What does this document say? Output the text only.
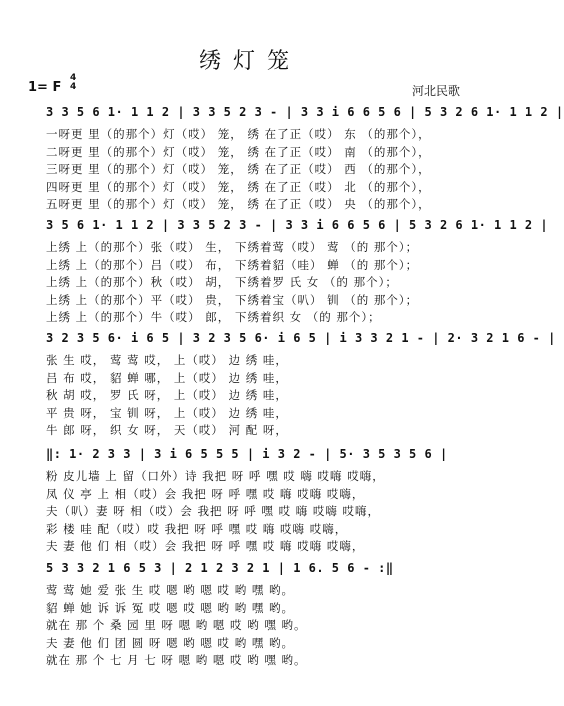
绣灯笼
1= F
4
4	河北民歌
3 3 5 6 1· 1 1 2 | 3 3 5 2 3 - | 3 3 i 6 6 5 6 | 5 3 2 6 1· 1 1 2 |
一呀更 里（的那个）灯（哎） 笼， 绣 在了正（哎） 东 （的那个），
二呀更 里（的那个）灯（哎） 笼， 绣 在了正（哎） 南 （的那个），
三呀更 里（的那个）灯（哎） 笼， 绣 在了正（哎） 西 （的那个），
四呀更 里（的那个）灯（哎） 笼， 绣 在了正（哎） 北 （的那个），
五呀更 里（的那个）灯（哎） 笼， 绣 在了正（哎） 央 （的那个），
3 5 6 1· 1 1 2 | 3 3 5 2 3 - | 3 3 i 6 6 5 6 | 5 3 2 6 1· 1 1 2 |
上绣 上（的那个）张（哎） 生， 下绣着莺（哎） 莺 （的 那个）；
上绣 上（的那个）吕（哎） 布， 下绣着貂（哇） 蝉 （的 那个）；
上绣 上（的那个）秋（哎） 胡， 下绣着罗 氏 女 （的 那个）；
上绣 上（的那个）平（哎） 贵， 下绣着宝（叭） 钏 （的 那个）；
上绣 上（的那个）牛（哎） 郎， 下绣着织 女 （的 那个）；
3 2 3 5 6· i 6 5 | 3 2 3 5 6· i 6 5 | i 3 3 2 1 - | 2· 3 2 1 6 - |
张 生 哎， 莺 莺 哎， 上（哎） 边 绣 哇，
吕 布 哎， 貂 蝉 哪， 上（哎） 边 绣 哇，
秋 胡 哎， 罗 氏 呀， 上（哎） 边 绣 哇，
平 贵 呀， 宝 钏 呀， 上（哎） 边 绣 哇，
牛 郎 呀， 织 女 呀， 天（哎） 河 配 呀，
‖: 1· 2 3 3 | 3 i 6 5 5 5 | i 3 2 - | 5· 3 5 3 5 6 |
粉 皮儿墙 上 留（口外）诗 我把 呀 呼 嘿 哎 嗨 哎嗨 哎嗨，
凤 仪 亭 上 相（哎）会 我把 呀 呼 嘿 哎 嗨 哎嗨 哎嗨，
夫（叭）妻 呀 相（哎）会 我把 呀 呼 嘿 哎 嗨 哎嗨 哎嗨，
彩 楼 哇 配（哎）哎 我把 呀 呼 嘿 哎 嗨 哎嗨 哎嗨，
夫 妻 他 们 相（哎）会 我把 呀 呼 嘿 哎 嗨 哎嗨 哎嗨，
5 3 3 2 1 6 5 3 | 2 1 2 3 2 1 | 1 6. 5 6 - :‖
莺 莺 她 爱 张 生 哎 嗯 哟 嗯 哎 哟 嘿 哟。
貂 蝉 她 诉 诉 冤 哎 嗯 哎 嗯 哟 哟 嘿 哟。
就在 那 个 桑 园 里 呀 嗯 哟 嗯 哎 哟 嘿 哟。
夫 妻 他 们 团 圆 呀 嗯 哟 嗯 哎 哟 嘿 哟。
就在 那 个 七 月 七 呀 嗯 哟 嗯 哎 哟 嘿 哟。
